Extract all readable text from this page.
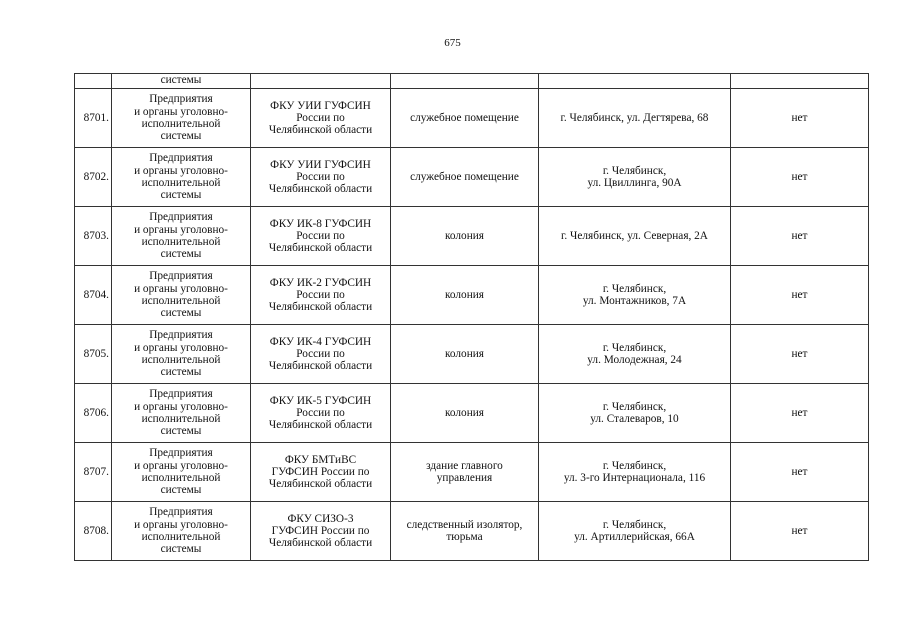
675
	системы				
8701.	Предприятия
и органы уголовно-
исполнительной
системы	ФКУ УИИ ГУФСИН
России по
Челябинской области	служебное помещение	г. Челябинск, ул. Дегтярева, 68	нет
8702.	Предприятия
и органы уголовно-
исполнительной
системы	ФКУ УИИ ГУФСИН
России по
Челябинской области	служебное помещение	г. Челябинск,
ул. Цвиллинга, 90А	нет
8703.	Предприятия
и органы уголовно-
исполнительной
системы	ФКУ ИК-8 ГУФСИН
России по
Челябинской области	колония	г. Челябинск, ул. Северная, 2А	нет
8704.	Предприятия
и органы уголовно-
исполнительной
системы	ФКУ ИК-2 ГУФСИН
России по
Челябинской области	колония	г. Челябинск,
ул. Монтажников, 7А	нет
8705.	Предприятия
и органы уголовно-
исполнительной
системы	ФКУ ИК-4 ГУФСИН
России по
Челябинской области	колония	г. Челябинск,
ул. Молодежная, 24	нет
8706.	Предприятия
и органы уголовно-
исполнительной
системы	ФКУ ИК-5 ГУФСИН
России по
Челябинской области	колония	г. Челябинск,
ул. Сталеваров, 10	нет
8707.	Предприятия
и органы уголовно-
исполнительной
системы	ФКУ БМТиВС
ГУФСИН России по
Челябинской области	здание главного
управления	г. Челябинск,
ул. 3-го Интернационала, 116	нет
8708.	Предприятия
и органы уголовно-
исполнительной
системы	ФКУ СИЗО-3
ГУФСИН России по
Челябинской области	следственный изолятор,
тюрьма	г. Челябинск,
ул. Артиллерийская, 66А	нет
